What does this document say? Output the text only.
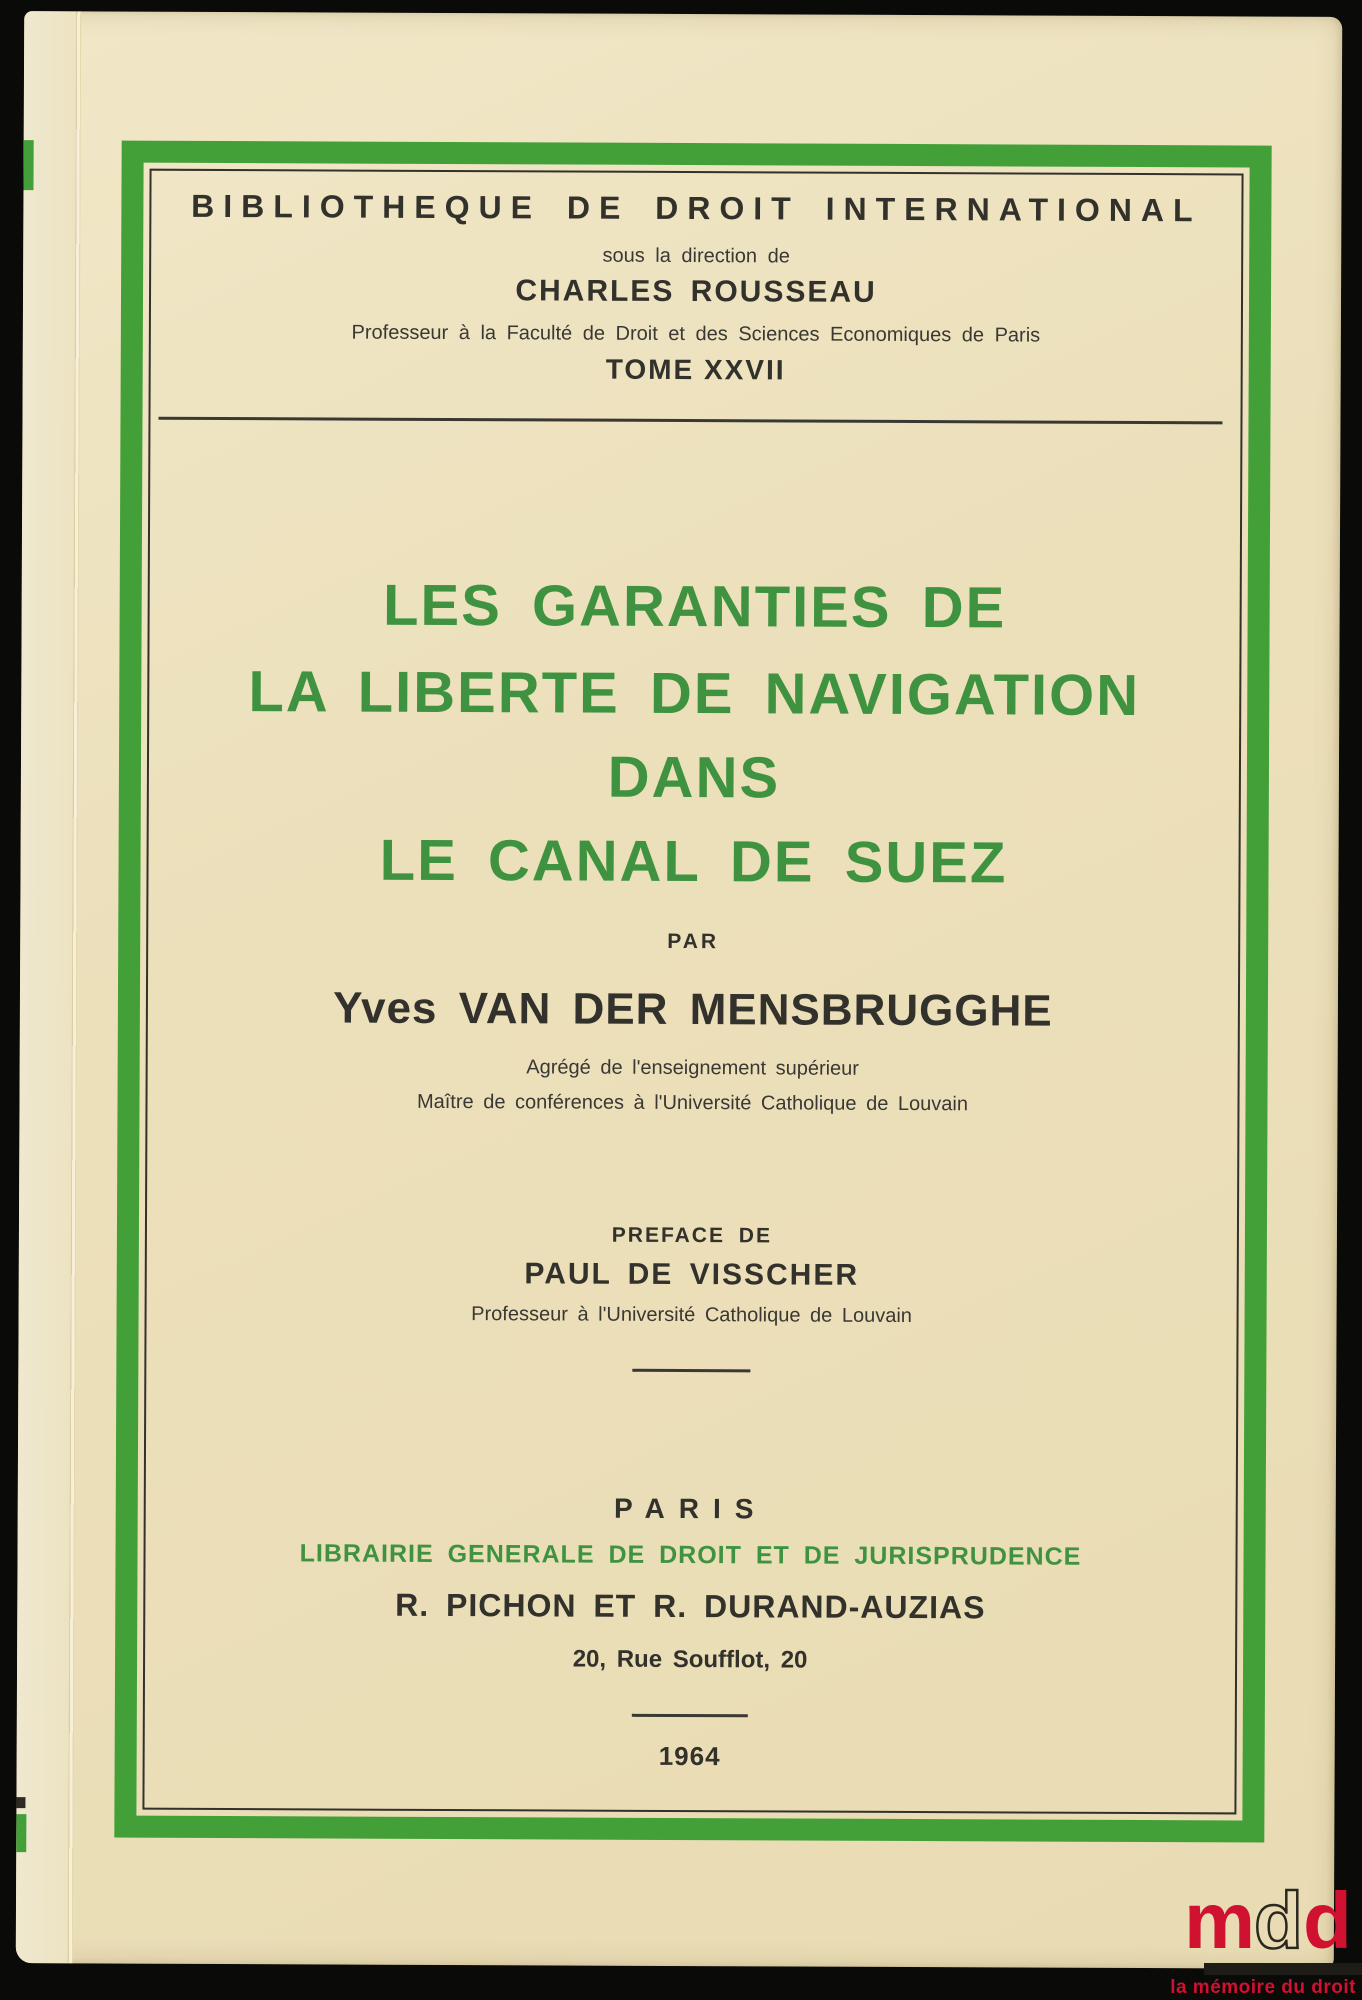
BIBLIOTHEQUE DE DROIT INTERNATIONAL
sous la direction de
CHARLES ROUSSEAU
Professeur à la Faculté de Droit et des Sciences Economiques de Paris
TOME XXVII
LES GARANTIES DE
LA LIBERTE DE NAVIGATION
DANS
LE CANAL DE SUEZ
PAR
Yves VAN DER MENSBRUGGHE
Agrégé de l'enseignement supérieur
Maître de conférences à l'Université Catholique de Louvain
PREFACE DE
PAUL DE VISSCHER
Professeur à l'Université Catholique de Louvain
PARIS
LIBRAIRIE GENERALE DE DROIT ET DE JURISPRUDENCE
R. PICHON ET R. DURAND-AUZIAS
20, Rue Soufflot, 20
1964
m
d d
la mémoire du droit
